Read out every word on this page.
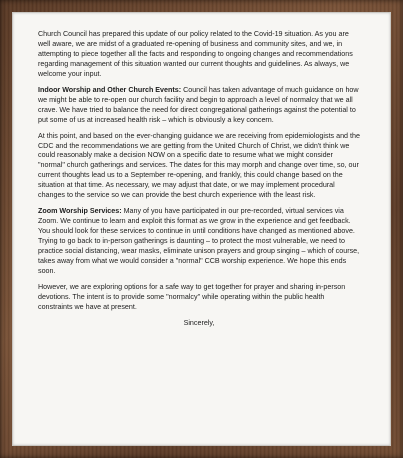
Church Council has prepared this update of our policy related to the Covid-19 situation. As you are well aware, we are midst of a graduated re-opening of business and community sites, and we, in attempting to piece together all the facts and responding to ongoing changes and recommendations regarding management of this situation wanted our current thoughts and guidelines. As always, we welcome your input.

Indoor Worship and Other Church Events: Council has taken advantage of much guidance on how we might be able to re-open our church facility and begin to approach a level of normalcy that we all crave. We have tried to balance the need for direct congregational gatherings against the potential to put some of us at increased health risk – which is obviously a key concern.

At this point, and based on the ever-changing guidance we are receiving from epidemiologists and the CDC and the recommendations we are getting from the United Church of Christ, we didn't think we could reasonably make a decision NOW on a specific date to resume what we might consider "normal" church gatherings and services. The dates for this may morph and change over time, so, our current thoughts lead us to a September re-opening, and frankly, this could change based on the situation at that time. As necessary, we may adjust that date, or we may implement procedural changes to the service so we can provide the best church experience with the least risk.

Zoom Worship Services: Many of you have participated in our pre-recorded, virtual services via Zoom. We continue to learn and exploit this format as we grow in the experience and get feedback. You should look for these services to continue in until conditions have changed as mentioned above. Trying to go back to in-person gatherings is daunting – to protect the most vulnerable, we need to practice social distancing, wear masks, eliminate unison prayers and group singing – which of course, takes away from what we would consider a "normal" CCB worship experience. We hope this ends soon.

However, we are exploring options for a safe way to get together for prayer and sharing in-person devotions. The intent is to provide some "normalcy" while operating within the public health constraints we have at present.

Sincerely,
